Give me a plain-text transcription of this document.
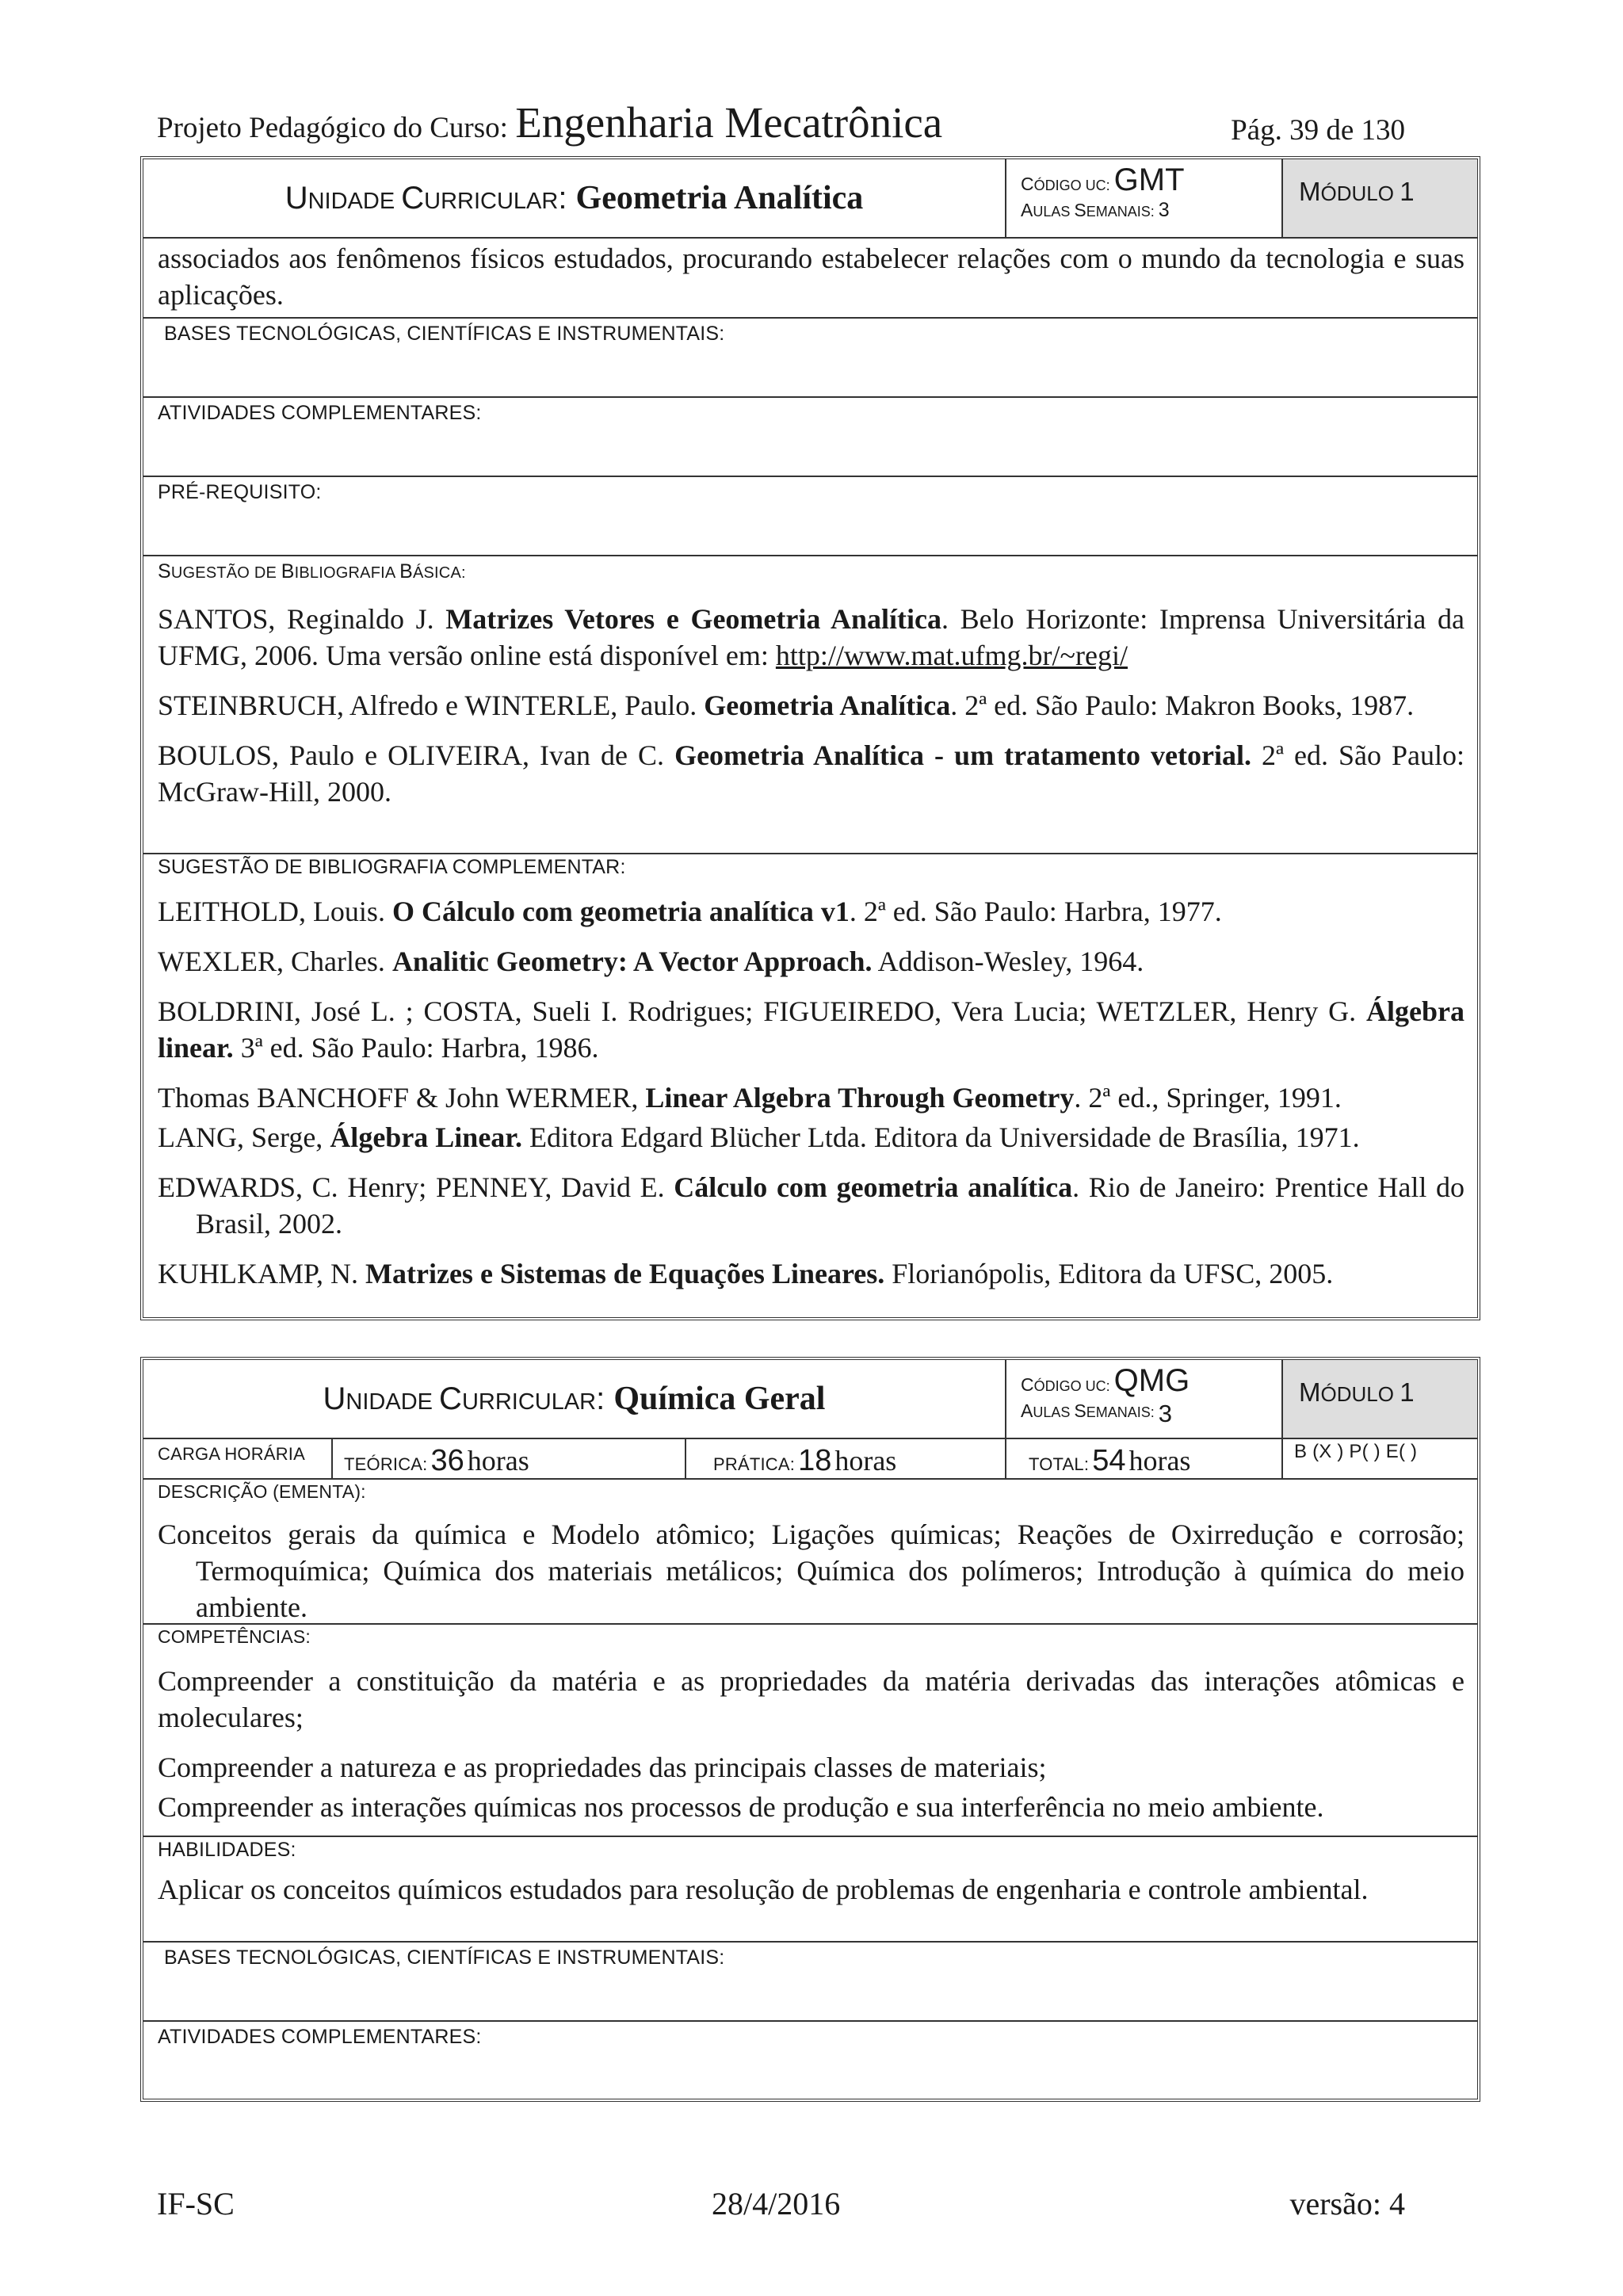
Projeto Pedagógico do Curso: Engenharia Mecatrônica	Pág. 39 de 130
UNIDADE CURRICULAR: Geometria Analítica	CÓDIGO UC: GMT
AULAS SEMANAIS: 3
MÓDULO 1
associados aos fenômenos físicos estudados, procurando estabelecer relações com o mundo da tecnologia e suas aplicações.
BASES TECNOLÓGICAS, CIENTÍFICAS E INSTRUMENTAIS:
ATIVIDADES COMPLEMENTARES:
PRÉ-REQUISITO:
SUGESTÃO DE BIBLIOGRAFIA BÁSICA:

SANTOS, Reginaldo J. Matrizes Vetores e Geometria Analítica. Belo Horizonte: Imprensa Universitária da UFMG, 2006. Uma versão online está disponível em: http://www.mat.ufmg.br/~regi/

STEINBRUCH, Alfredo e WINTERLE, Paulo. Geometria Analítica. 2ª ed. São Paulo: Makron Books, 1987.

BOULOS, Paulo e OLIVEIRA, Ivan de C. Geometria Analítica - um tratamento vetorial. 2ª ed. São Paulo: McGraw-Hill, 2000.

SUGESTÃO DE BIBLIOGRAFIA COMPLEMENTAR:

LEITHOLD, Louis. O Cálculo com geometria analítica v1. 2ª ed. São Paulo: Harbra, 1977.

WEXLER, Charles. Analitic Geometry: A Vector Approach. Addison-Wesley, 1964.

BOLDRINI, José L. ; COSTA, Sueli I. Rodrigues; FIGUEIREDO, Vera Lucia; WETZLER, Henry G. Álgebra linear. 3ª ed. São Paulo: Harbra, 1986.

Thomas BANCHOFF & John WERMER, Linear Algebra Through Geometry. 2ª ed., Springer, 1991.

LANG, Serge, Álgebra Linear. Editora Edgard Blücher Ltda. Editora da Universidade de Brasília, 1971.

EDWARDS, C. Henry; PENNEY, David E. Cálculo com geometria analítica. Rio de Janeiro: Prentice Hall do Brasil, 2002.

KUHLKAMP, N. Matrizes e Sistemas de Equações Lineares. Florianópolis, Editora da UFSC, 2005.

UNIDADE CURRICULAR: Química Geral	CÓDIGO UC: QMG
AULAS SEMANAIS: 3
MÓDULO 1
CARGA HORÁRIA
TEÓRICA: 36 horas	PRÁTICA: 18 horas	TOTAL: 54 horas	B (X ) P( ) E( )
DESCRIÇÃO (EMENTA):

Conceitos gerais da química e Modelo atômico; Ligações químicas; Reações de Oxirredução e corrosão; Termoquímica; Química dos materiais metálicos; Química dos polímeros; Introdução à química do meio ambiente.

COMPETÊNCIAS:

Compreender a constituição da matéria e as propriedades da matéria derivadas das interações atômicas e moleculares;

Compreender a natureza e as propriedades das principais classes de materiais;

Compreender as interações químicas nos processos de produção e sua interferência no meio ambiente.

HABILIDADES:

Aplicar os conceitos químicos estudados para resolução de problemas de engenharia e controle ambiental.

BASES TECNOLÓGICAS, CIENTÍFICAS E INSTRUMENTAIS:
ATIVIDADES COMPLEMENTARES:
IF-SC	28/4/2016	versão: 4
